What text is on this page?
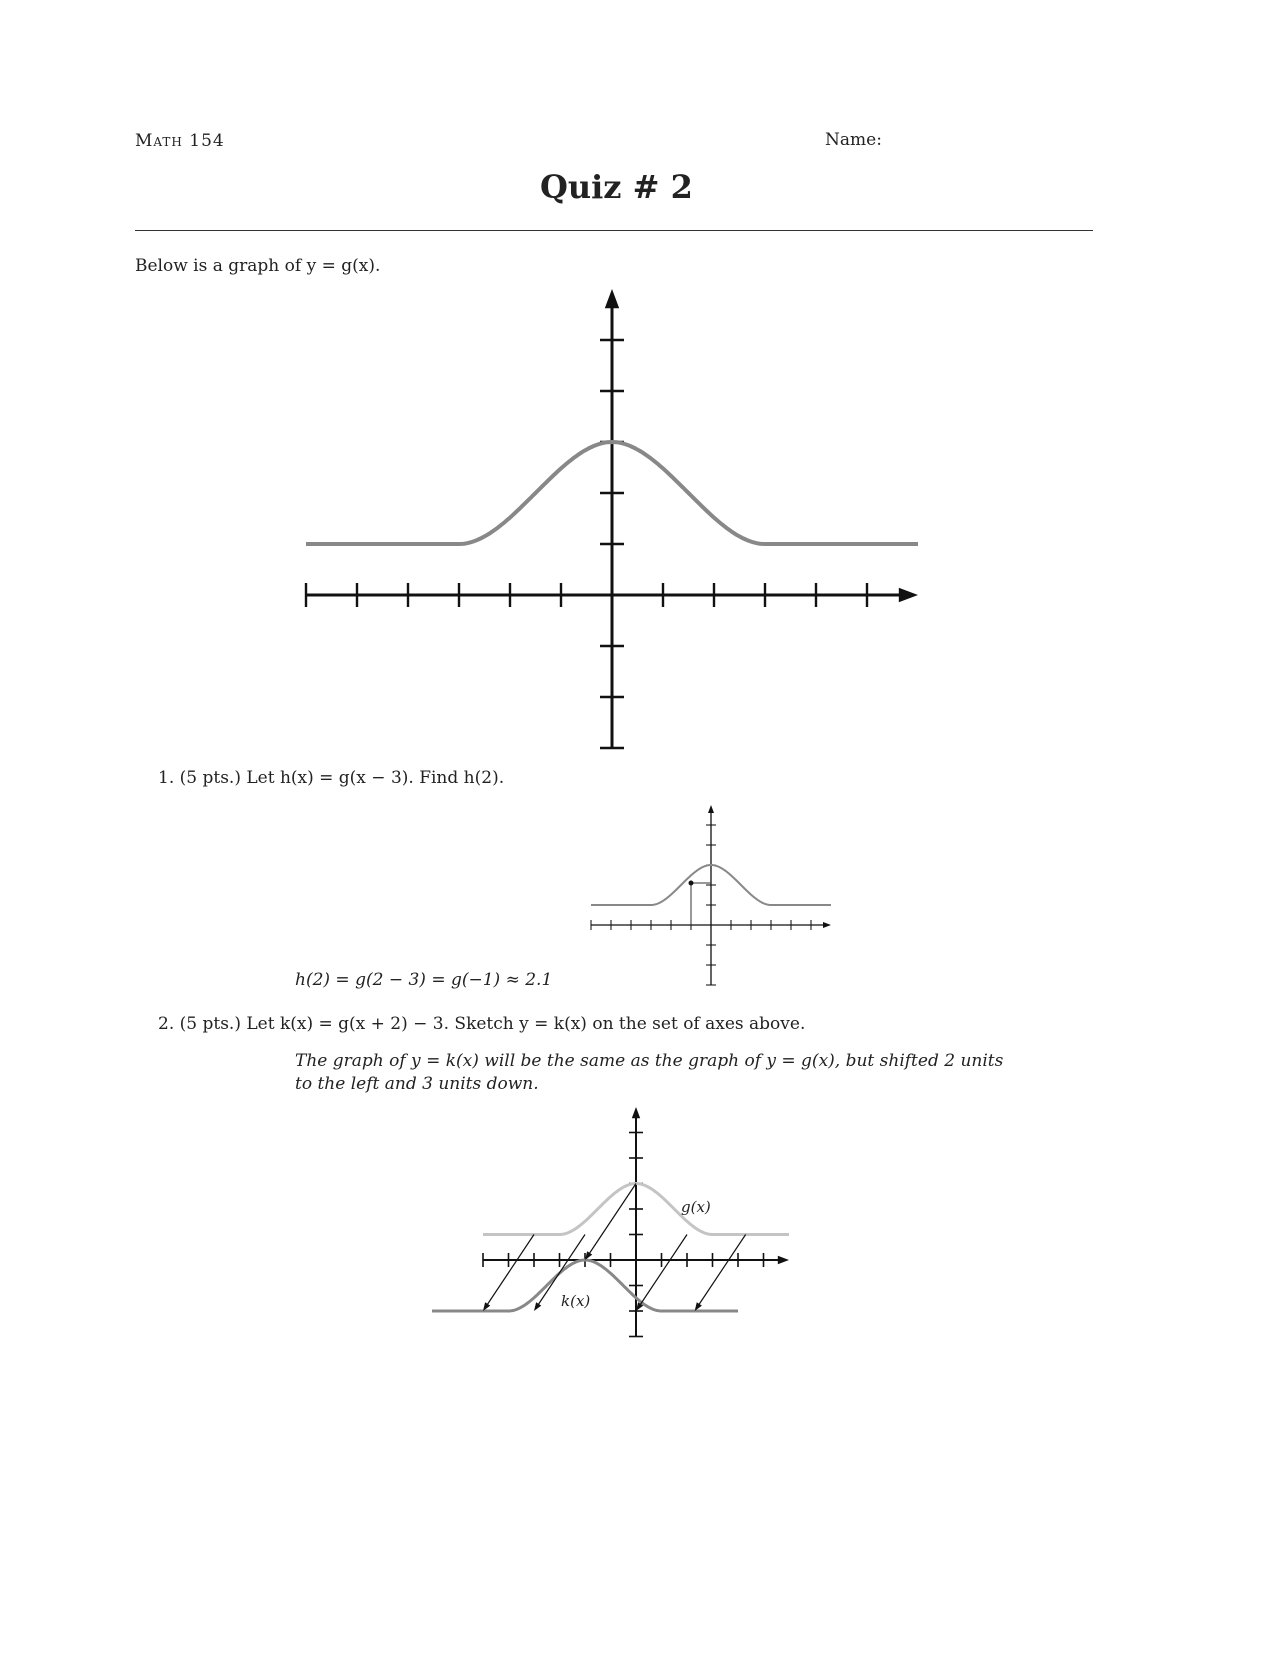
Math 154	Name:
Quiz # 2
Below is a graph of y = g(x).
1. (5 pts.) Let h(x) = g(x − 3). Find h(2).
h(2) = g(2 − 3) = g(−1) ≈ 2.1
2. (5 pts.) Let k(x) = g(x + 2) − 3. Sketch y = k(x) on the set of axes above.
The graph of y = k(x) will be the same as the graph of y = g(x), but shifted 2 units
to the left and 3 units down.
g(x)
k(x)
